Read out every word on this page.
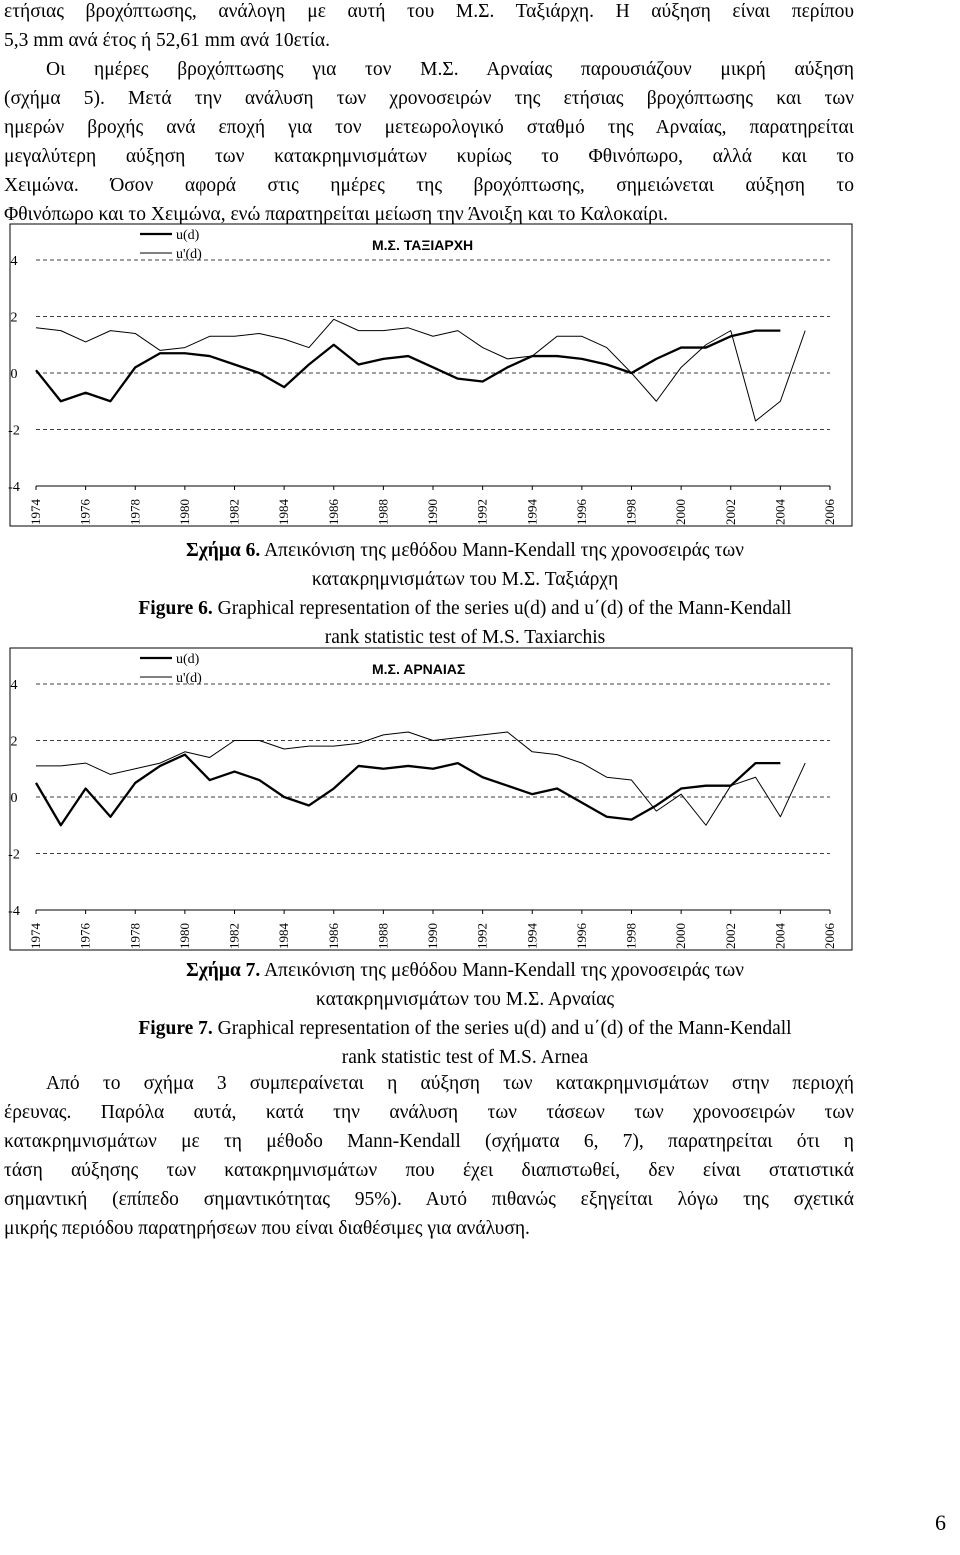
ετήσιας βροχόπτωσης, ανάλογη με αυτή του Μ.Σ. Ταξιάρχη. Η αύξηση είναι περίπου

5,3 mm ανά έτος ή 52,61 mm ανά 10ετία.

Οι ημέρες βροχόπτωσης για τον Μ.Σ. Αρναίας παρουσιάζουν μικρή αύξηση

(σχήμα 5). Μετά την ανάλυση των χρονοσειρών της ετήσιας βροχόπτωσης και των

ημερών βροχής ανά εποχή για τον μετεωρολογικό σταθμό της Αρναίας, παρατηρείται

μεγαλύτερη αύξηση των κατακρημνισμάτων κυρίως το Φθινόπωρο, αλλά και το

Χειμώνα. Όσον αφορά στις ημέρες της βροχόπτωσης, σημειώνεται αύξηση το

Φθινόπωρο και το Χειμώνα, ενώ παρατηρείται μείωση την Άνοιξη και το Καλοκαίρι.

4
2
0
-2
-4
1974	1976	1978	1980	1982	1984	1986	1988	1990	1992	1994	1996	1998	2000	2002	2004	2006
u(d)
u'(d)
Μ.Σ. ΤΑΞΙΑΡΧΗ

Σχήμα 6. Απεικόνιση της μεθόδου Mann-Kendall της χρονοσειράς των

κατακρημνισμάτων του Μ.Σ. Ταξιάρχη

Figure 6. Graphical representation of the series u(d) and u΄(d) of the Mann-Kendall

rank statistic test of M.S. Taxiarchis

4
2
0
-2
-4
1974	1976	1978	1980	1982	1984	1986	1988	1990	1992	1994	1996	1998	2000	2002	2004	2006
u(d)
u'(d)
Μ.Σ. ΑΡΝΑΙΑΣ

Σχήμα 7. Απεικόνιση της μεθόδου Mann-Kendall της χρονοσειράς των

κατακρημνισμάτων του Μ.Σ. Αρναίας

Figure 7. Graphical representation of the series u(d) and u΄(d) of the Mann-Kendall

rank statistic test of M.S. Arnea

Από το σχήμα 3 συμπεραίνεται η αύξηση των κατακρημνισμάτων στην περιοχή

έρευνας. Παρόλα αυτά, κατά την ανάλυση των τάσεων των χρονοσειρών των

κατακρημνισμάτων με τη μέθοδο Mann-Kendall (σχήματα 6, 7), παρατηρείται ότι η

τάση αύξησης των κατακρημνισμάτων που έχει διαπιστωθεί, δεν είναι στατιστικά

σημαντική (επίπεδο σημαντικότητας 95%). Αυτό πιθανώς εξηγείται λόγω της σχετικά

μικρής περιόδου παρατηρήσεων που είναι διαθέσιμες για ανάλυση.

6
